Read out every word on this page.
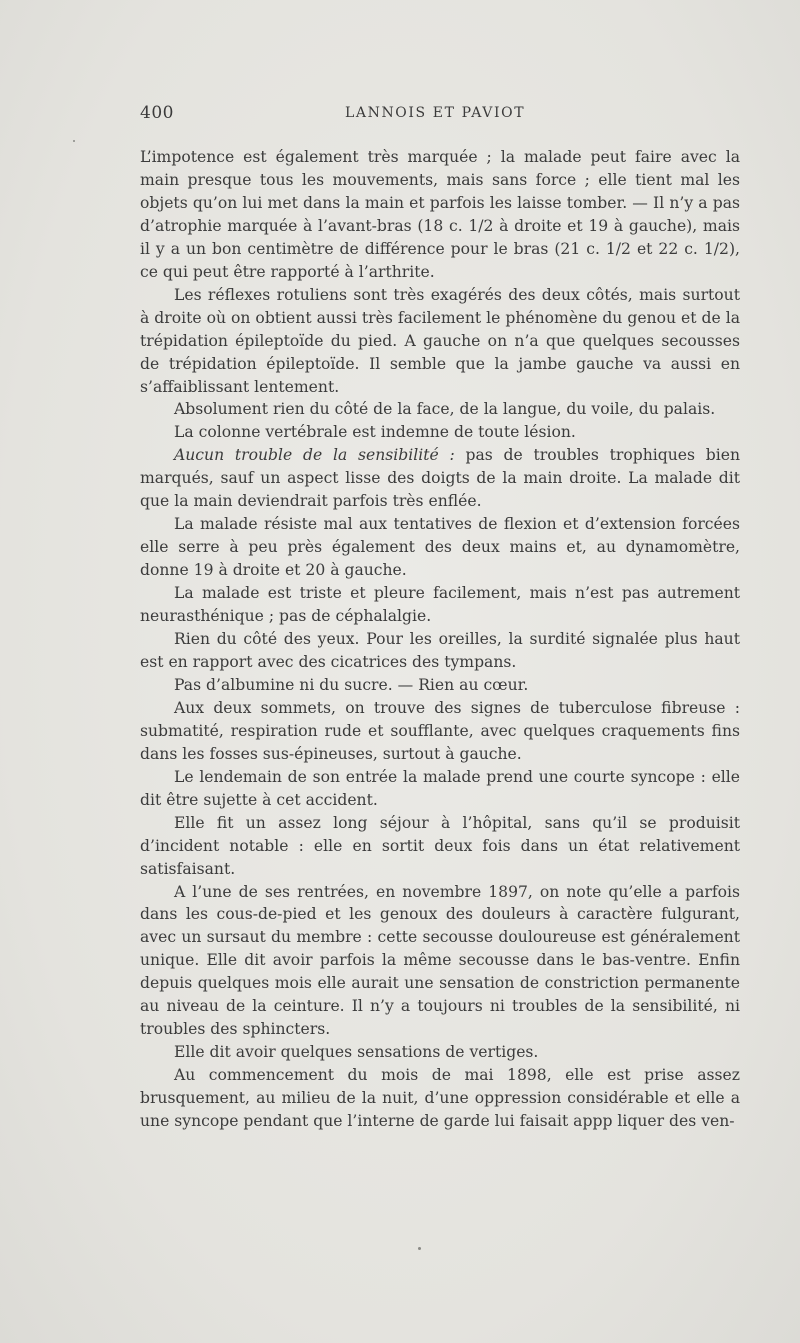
400	LANNOIS ET PAVIOT

L’impotence est également très marquée ; la malade peut faire avec la main presque tous les mouvements, mais sans force ; elle tient mal les objets qu’on lui met dans la main et parfois les laisse tomber. — Il n’y a pas d’atrophie marquée à l’avant-bras (18 c. 1/2 à droite et 19 à gauche), mais il y a un bon centimètre de différence pour le bras (21 c. 1/2 et 22 c. 1/2), ce qui peut être rapporté à l’arthrite.

Les réflexes rotuliens sont très exagérés des deux côtés, mais surtout à droite où on obtient aussi très facilement le phénomène du genou et de la trépidation épileptoïde du pied. A gauche on n’a que quelques secousses de trépidation épileptoïde. Il semble que la jambe gauche va aussi en s’affaiblissant lentement.

Absolument rien du côté de la face, de la langue, du voile, du palais.

La colonne vertébrale est indemne de toute lésion.

Aucun trouble de la sensibilité : pas de troubles trophiques bien marqués, sauf un aspect lisse des doigts de la main droite. La malade dit que la main deviendrait parfois très enflée.

La malade résiste mal aux tentatives de flexion et d’extension forcées elle serre à peu près également des deux mains et, au dynamomètre, donne 19 à droite et 20 à gauche.

La malade est triste et pleure facilement, mais n’est pas autrement neurasthénique ; pas de céphalalgie.

Rien du côté des yeux. Pour les oreilles, la surdité signalée plus haut est en rapport avec des cicatrices des tympans.

Pas d’albumine ni du sucre. — Rien au cœur.

Aux deux sommets, on trouve des signes de tuberculose fibreuse : submatité, respiration rude et soufflante, avec quelques craquements fins dans les fosses sus-épineuses, surtout à gauche.

Le lendemain de son entrée la malade prend une courte syncope : elle dit être sujette à cet accident.

Elle fit un assez long séjour à l’hôpital, sans qu’il se produisit d’incident notable : elle en sortit deux fois dans un état relativement satisfaisant.

A l’une de ses rentrées, en novembre 1897, on note qu’elle a parfois dans les cous-de-pied et les genoux des douleurs à caractère fulgurant, avec un sursaut du membre : cette secousse douloureuse est généralement unique. Elle dit avoir parfois la même secousse dans le bas-ventre. Enfin depuis quelques mois elle aurait une sensation de constriction permanente au niveau de la ceinture. Il n’y a toujours ni troubles de la sensibilité, ni troubles des sphincters.

Elle dit avoir quelques sensations de vertiges.

Au commencement du mois de mai 1898, elle est prise assez brusquement, au milieu de la nuit, d’une oppression considérable et elle a une syncope pendant que l’interne de garde lui faisait appp liquer des ven-
